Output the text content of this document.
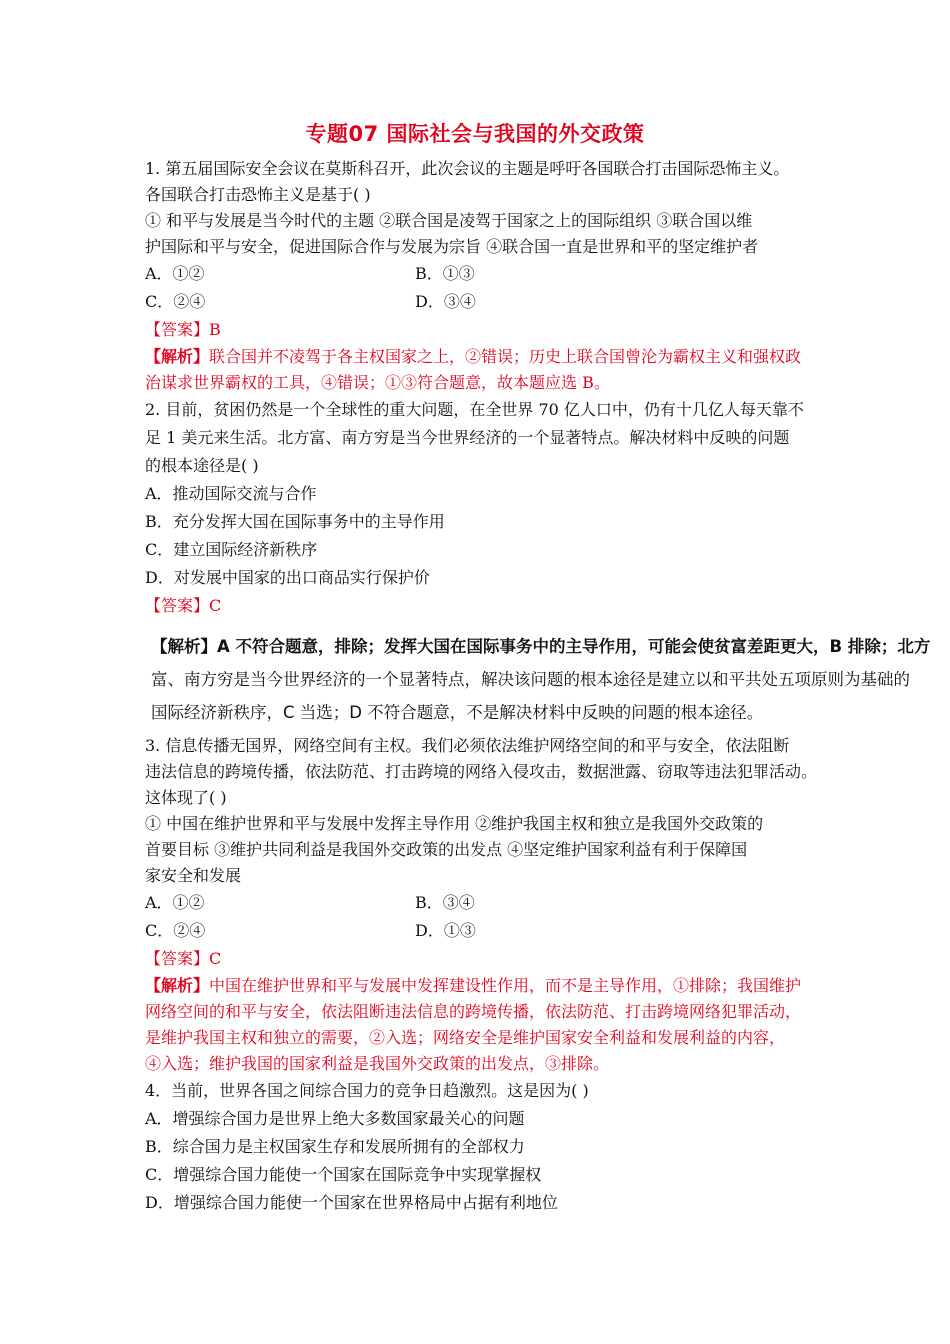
专题07 国际社会与我国的外交政策
1. 第五届国际安全会议在莫斯科召开，此次会议的主题是呼吁各国联合打击国际恐怖主义。
各国联合打击恐怖主义是基于( )
① 和平与发展是当今时代的主题 ②联合国是凌驾于国家之上的国际组织 ③联合国以维
护国际和平与安全，促进国际合作与发展为宗旨 ④联合国一直是世界和平的坚定维护者
A．①②	B．①③
C．②④	D．③④
【答案】B
【解析】联合国并不凌驾于各主权国家之上，②错误；历史上联合国曾沦为霸权主义和强权政
治谋求世界霸权的工具，④错误；①③符合题意，故本题应选 B。
2. 目前，贫困仍然是一个全球性的重大问题，在全世界 70 亿人口中，仍有十几亿人每天靠不
足 1 美元来生活。北方富、南方穷是当今世界经济的一个显著特点。解决材料中反映的问题
的根本途径是( )
A．推动国际交流与合作
B．充分发挥大国在国际事务中的主导作用
C．建立国际经济新秩序
D．对发展中国家的出口商品实行保护价
【答案】C
【解析】A 不符合题意，排除；发挥大国在国际事务中的主导作用，可能会使贫富差距更大，B 排除；北方
富、南方穷是当今世界经济的一个显著特点，解决该问题的根本途径是建立以和平共处五项原则为基础的
国际经济新秩序，C 当选；D 不符合题意，不是解决材料中反映的问题的根本途径。
3. 信息传播无国界，网络空间有主权。我们必须依法维护网络空间的和平与安全，依法阻断
违法信息的跨境传播，依法防范、打击跨境的网络入侵攻击，数据泄露、窃取等违法犯罪活动。
这体现了( )
① 中国在维护世界和平与发展中发挥主导作用 ②维护我国主权和独立是我国外交政策的
首要目标 ③维护共同利益是我国外交政策的出发点 ④坚定维护国家利益有利于保障国
家安全和发展
A．①②	B．③④
C．②④	D．①③
【答案】C
【解析】中国在维护世界和平与发展中发挥建设性作用，而不是主导作用，①排除；我国维护
网络空间的和平与安全，依法阻断违法信息的跨境传播，依法防范、打击跨境网络犯罪活动，
是维护我国主权和独立的需要，②入选；网络安全是维护国家安全利益和发展利益的内容，
④入选；维护我国的国家利益是我国外交政策的出发点，③排除。
4．当前，世界各国之间综合国力的竞争日趋激烈。这是因为( )
A．增强综合国力是世界上绝大多数国家最关心的问题
B．综合国力是主权国家生存和发展所拥有的全部权力
C．增强综合国力能使一个国家在国际竞争中实现掌握权
D．增强综合国力能使一个国家在世界格局中占据有利地位
